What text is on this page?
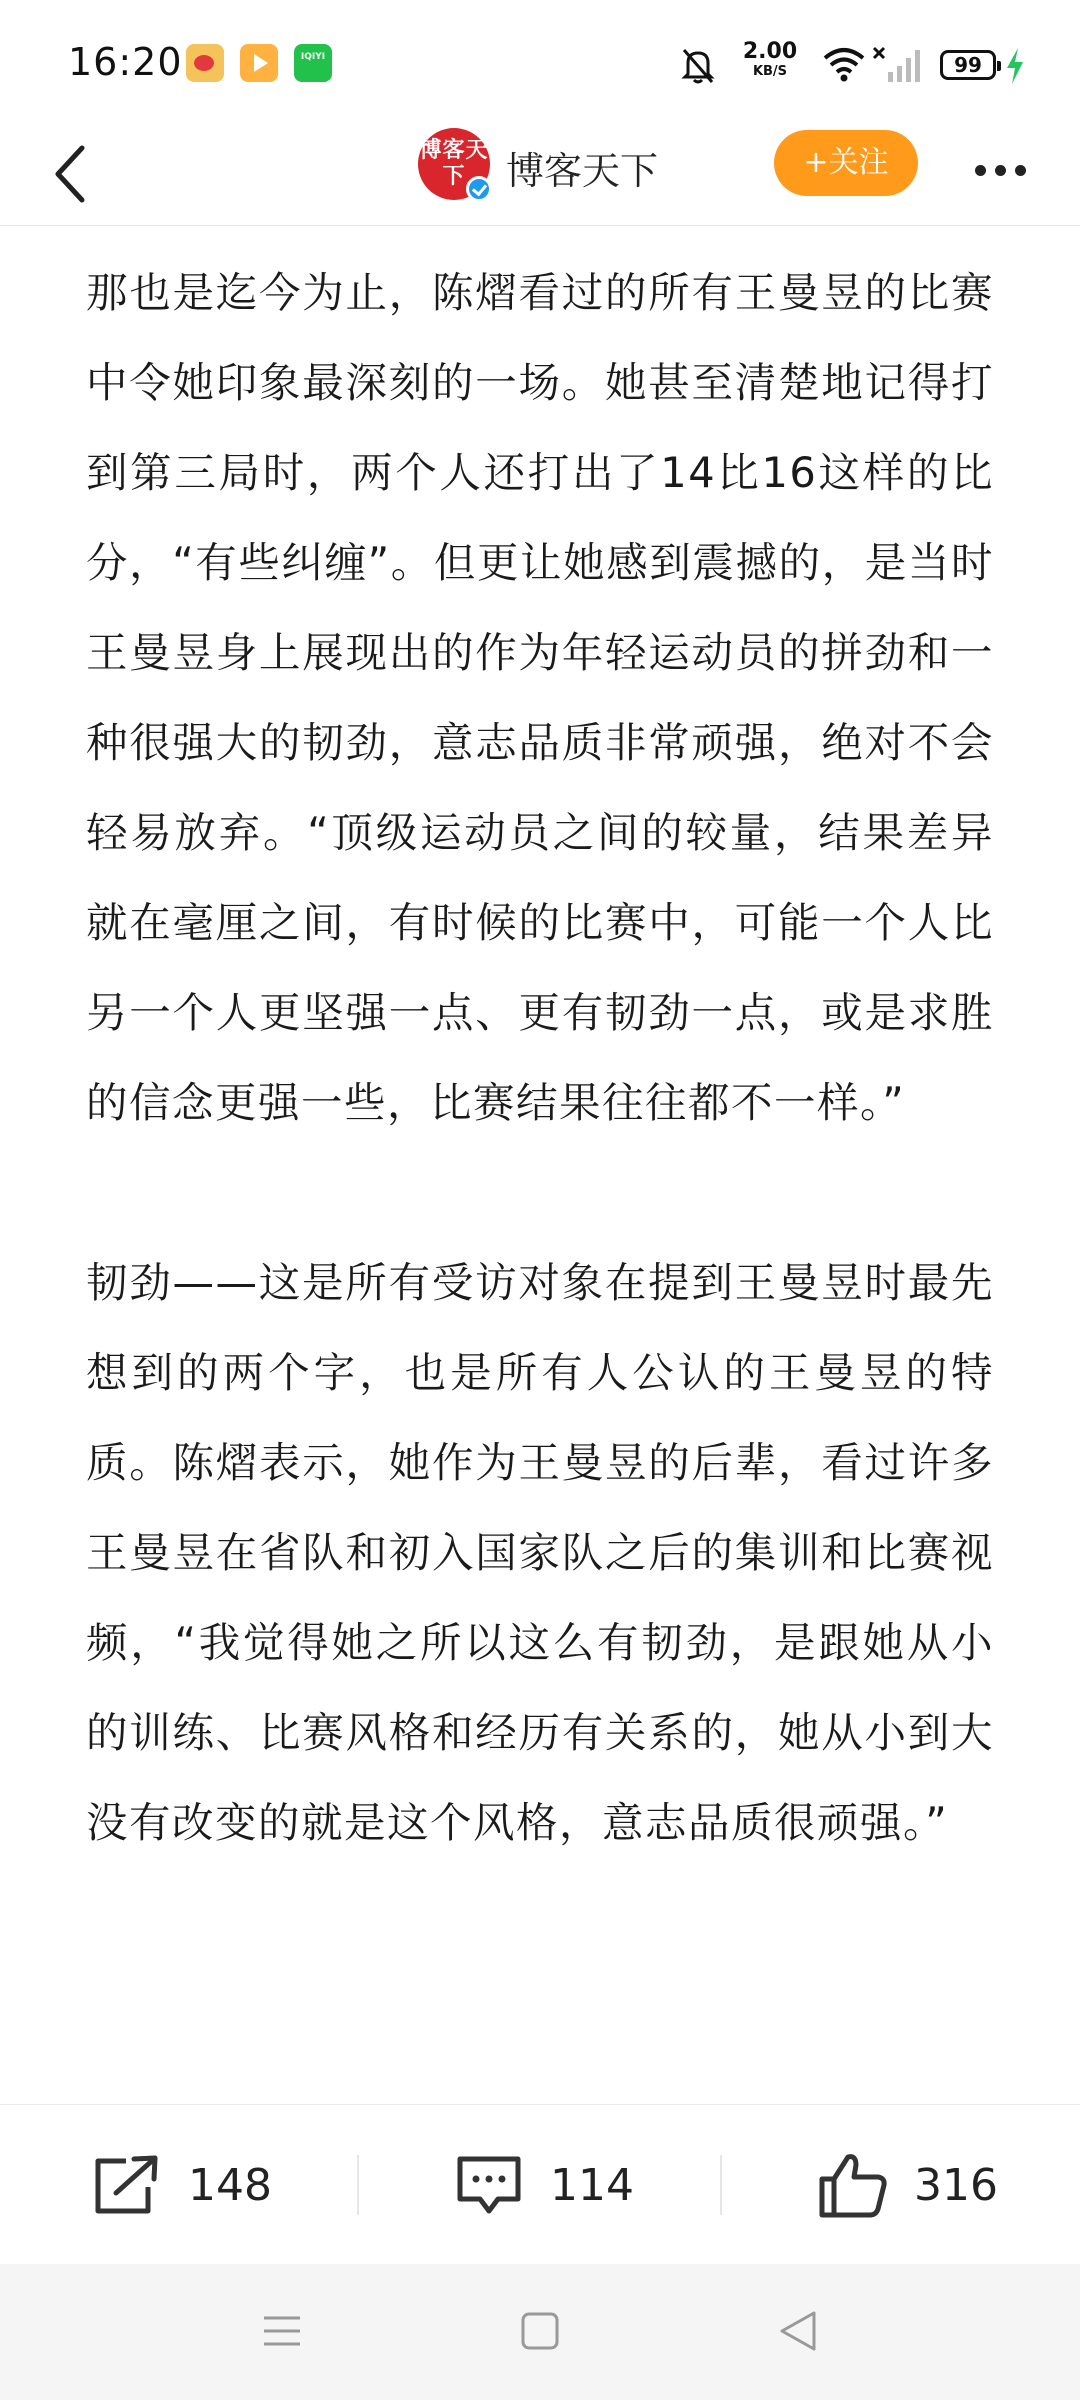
16:20	IQIYI	2.00
KB/S	99
博客天下	博客天下	+关注

那也是迄今为止，陈熠看过的所有王曼昱的比赛中令她印象最深刻的一场。她甚至清楚地记得打到第三局时，两个人还打出了14比16这样的比分，“有些纠缠”。但更让她感到震撼的，是当时王曼昱身上展现出的作为年轻运动员的拼劲和一种很强大的韧劲，意志品质非常顽强，绝对不会轻易放弃。“顶级运动员之间的较量，结果差异就在毫厘之间，有时候的比赛中，可能一个人比另一个人更坚强一点、更有韧劲一点，或是求胜的信念更强一些，比赛结果往往都不一样。”

韧劲——这是所有受访对象在提到王曼昱时最先想到的两个字，也是所有人公认的王曼昱的特质。陈熠表示，她作为王曼昱的后辈，看过许多王曼昱在省队和初入国家队之后的集训和比赛视频，“我觉得她之所以这么有韧劲，是跟她从小的训练、比赛风格和经历有关系的，她从小到大没有改变的就是这个风格，意志品质很顽强。”

148	114	316
